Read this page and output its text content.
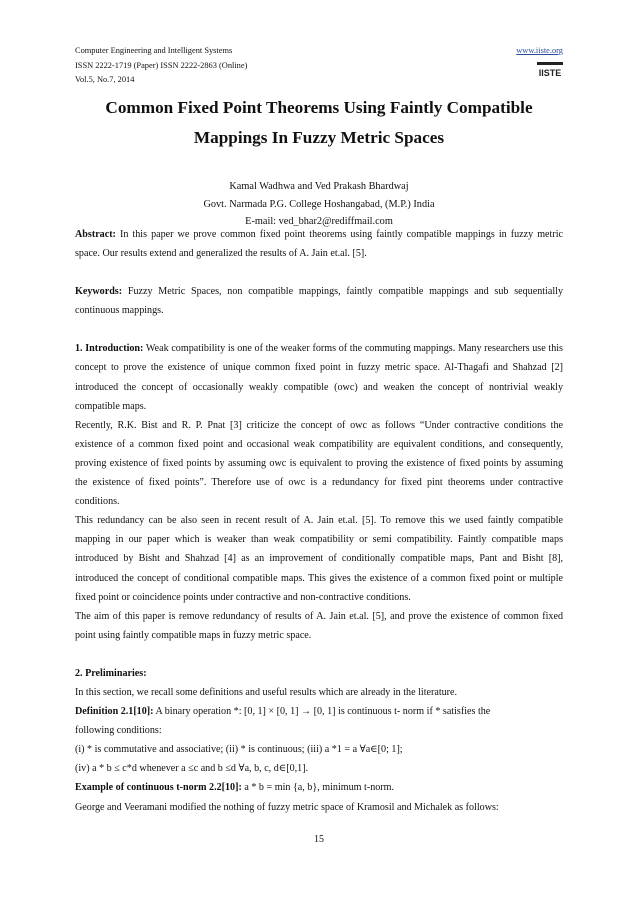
Computer Engineering and Intelligent Systems
ISSN 2222-1719 (Paper) ISSN 2222-2863 (Online)
Vol.5, No.7, 2014
www.iiste.org
IISTE
Common Fixed Point Theorems Using Faintly Compatible
Mappings In Fuzzy Metric Spaces
Kamal Wadhwa and Ved Prakash Bhardwaj
Govt. Narmada P.G. College Hoshangabad, (M.P.) India
E-mail: ved_bhar2@rediffmail.com

Abstract: In this paper we prove common fixed point theorems using faintly compatible mappings in fuzzy metric space. Our results extend and generalized the results of A. Jain et.al. [5].

Keywords: Fuzzy Metric Spaces, non compatible mappings, faintly compatible mappings and sub sequentially continuous mappings.

1. Introduction: Weak compatibility is one of the weaker forms of the commuting mappings. Many researchers use this concept to prove the existence of unique common fixed point in fuzzy metric space. Al-Thagafi and Shahzad [2] introduced the concept of occasionally weakly compatible (owc) and weaken the concept of nontrivial weakly compatible maps.

Recently, R.K. Bist and R. P. Pnat [3] criticize the concept of owc as follows “Under contractive conditions the existence of a common fixed point and occasional weak compatibility are equivalent conditions, and consequently, proving existence of fixed points by assuming owc is equivalent to proving the existence of fixed points by assuming the existence of fixed points”. Therefore use of owc is a redundancy for fixed pint theorems under contractive conditions.

This redundancy can be also seen in recent result of A. Jain et.al. [5]. To remove this we used faintly compatible mapping in our paper which is weaker than weak compatibility or semi compatibility. Faintly compatible maps introduced by Bisht and Shahzad [4] as an improvement of conditionally compatible maps, Pant and Bisht [8], introduced the concept of conditional compatible maps. This gives the existence of a common fixed point or multiple fixed point or coincidence points under contractive and non-contractive conditions.

The aim of this paper is remove redundancy of results of A. Jain et.al. [5], and prove the existence of common fixed point using faintly compatible maps in fuzzy metric space.

2. Preliminaries:

In this section, we recall some definitions and useful results which are already in the literature.

Definition 2.1[10]: A binary operation *: [0, 1] × [0, 1] → [0, 1] is continuous t- norm if * satisfies the

following conditions:

(i) * is commutative and associative; (ii) * is continuous; (iii) a *1 = a ∀a∈[0; 1];

(iv) a * b ≤ c*d whenever a ≤c and b ≤d ∀a, b, c, d∈[0,1].

Example of continuous t-norm 2.2[10]: a * b = min {a, b}, minimum t-norm.

George and Veeramani modified the nothing of fuzzy metric space of Kramosil and Michalek as follows:

15
